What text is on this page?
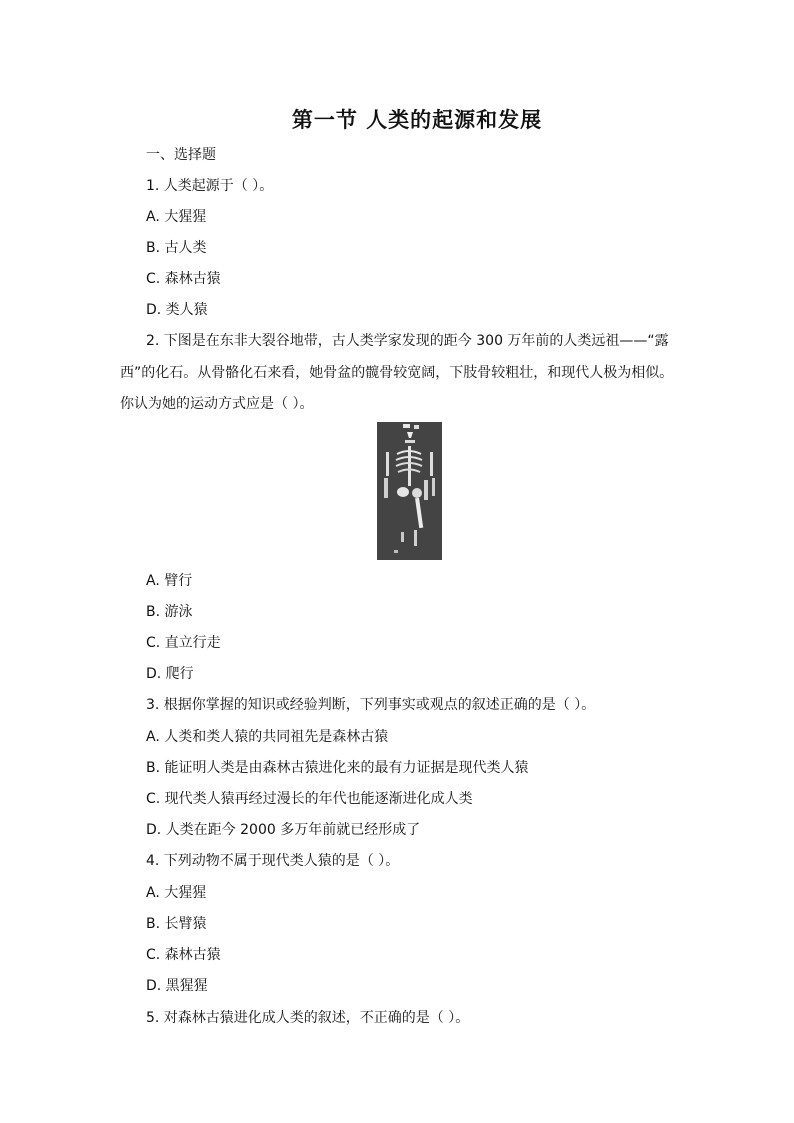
第一节 人类的起源和发展
一、选择题
1. 人类起源于（ ）。
A. 大猩猩
B. 古人类
C. 森林古猿
D. 类人猿
2. 下图是在东非大裂谷地带，古人类学家发现的距今 300 万年前的人类远祖——“露
西”的化石。从骨骼化石来看，她骨盆的髋骨较宽阔，下肢骨较粗壮，和现代人极为相似。
你认为她的运动方式应是（ ）。
A. 臂行
B. 游泳
C. 直立行走
D. 爬行
3. 根据你掌握的知识或经验判断，下列事实或观点的叙述正确的是（ ）。
A. 人类和类人猿的共同祖先是森林古猿
B. 能证明人类是由森林古猿进化来的最有力证据是现代类人猿
C. 现代类人猿再经过漫长的年代也能逐渐进化成人类
D. 人类在距今 2000 多万年前就已经形成了
4. 下列动物不属于现代类人猿的是（ ）。
A. 大猩猩
B. 长臂猿
C. 森林古猿
D. 黑猩猩
5. 对森林古猿进化成人类的叙述，不正确的是（ ）。
